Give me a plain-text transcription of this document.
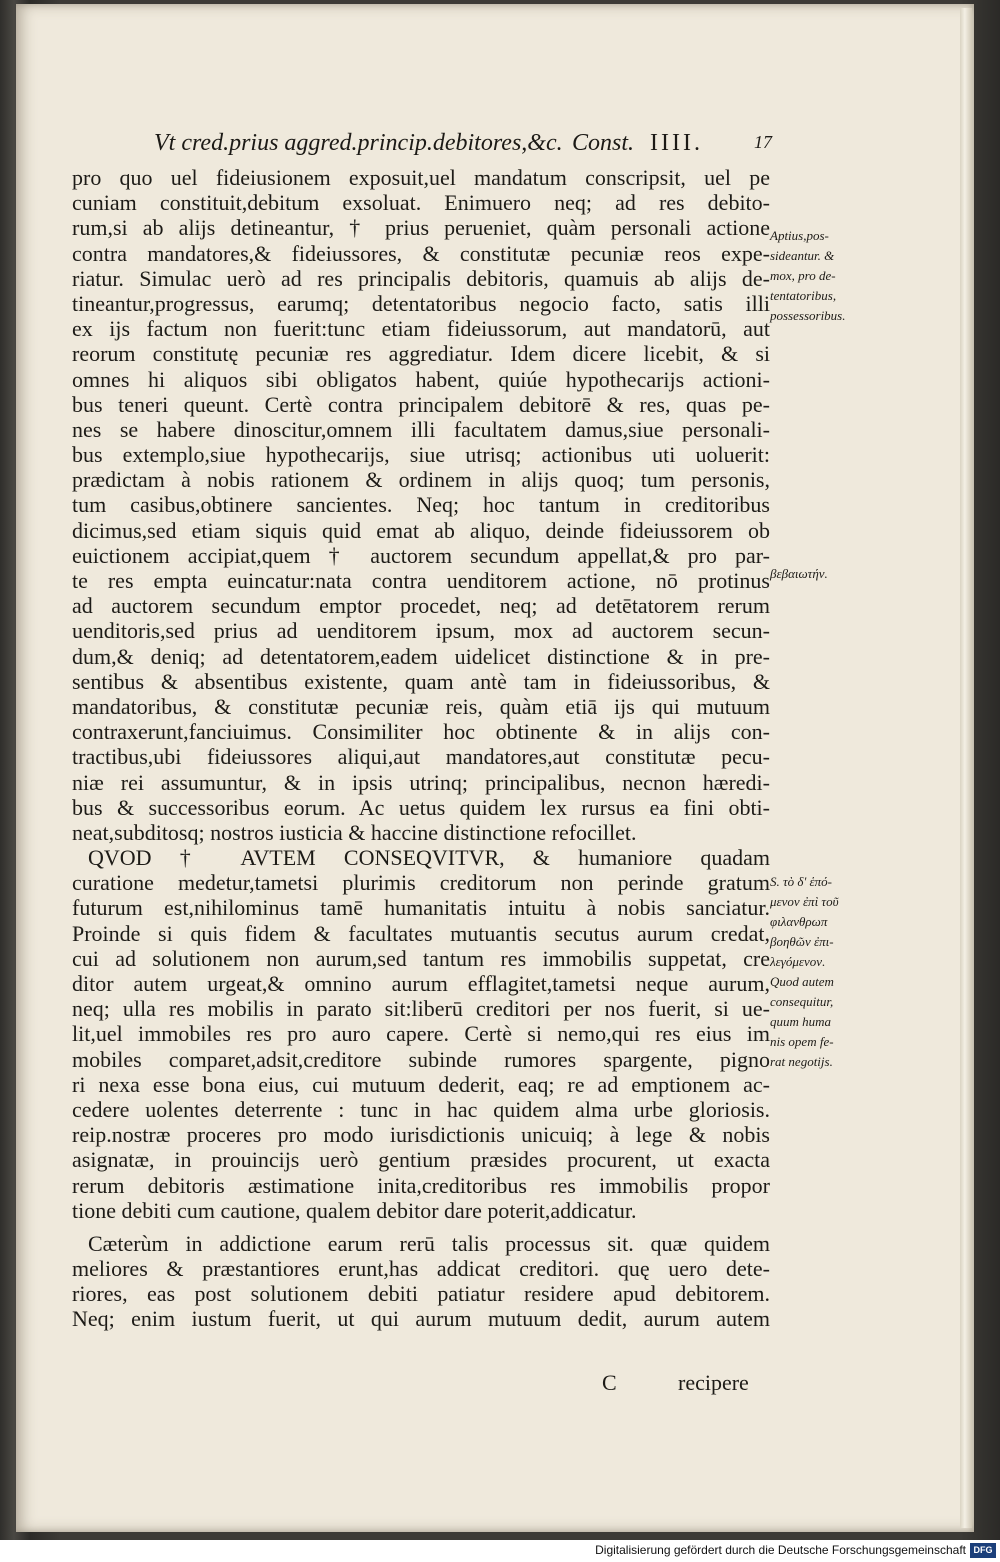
Vt cred.prius aggred.princip.debitores,&c. Const. IIII.	17
pro quo uel fideiusionem exposuit,uel mandatum conscripsit, uel pe
cuniam constituit,debitum exsoluat. Enimuero neq; ad res debito-
rum,si ab alijs detineantur, † prius perueniet, quàm personali actione
contra mandatores,& fideiussores, & constitutæ pecuniæ reos expe-
riatur. Simulac uerò ad res principalis debitoris, quamuis ab alijs de-
tineantur,progressus, earumq; detentatoribus negocio facto, satis illi
ex ijs factum non fuerit:tunc etiam fideiussorum, aut mandatorū, aut
reorum constitutę pecuniæ res aggrediatur. Idem dicere licebit, & si
omnes hi aliquos sibi obligatos habent, quiúe hypothecarijs actioni-
bus teneri queunt. Certè contra principalem debitorē & res, quas pe-
nes se habere dinoscitur,omnem illi facultatem damus,siue personali-
bus extemplo,siue hypothecarijs, siue utrisq; actionibus uti uoluerit:
prædictam à nobis rationem & ordinem in alijs quoq; tum personis,
tum casibus,obtinere sancientes. Neq; hoc tantum in creditoribus
dicimus,sed etiam siquis quid emat ab aliquo, deinde fideiussorem ob
euictionem accipiat,quem † auctorem secundum appellat,& pro par-
te res empta euincatur:nata contra uenditorem actione, nō protinus
ad auctorem secundum emptor procedet, neq; ad detētatorem rerum
uenditoris,sed prius ad uenditorem ipsum, mox ad auctorem secun-
dum,& deniq; ad detentatorem,eadem uidelicet distinctione & in pre-
sentibus & absentibus existente, quam antè tam in fideiussoribus, &
mandatoribus, & constitutæ pecuniæ reis, quàm etiā ijs qui mutuum
contraxerunt,fanciuimus. Consimiliter hoc obtinente & in alijs con-
tractibus,ubi fideiussores aliqui,aut mandatores,aut constitutæ pecu-
niæ rei assumuntur, & in ipsis utrinq; principalibus, necnon hæredi-
bus & successoribus eorum. Ac uetus quidem lex rursus ea fini obti-
neat,subditosq; nostros iusticia & haccine distinctione refocillet.
QVOD † AVTEM CONSEQVITVR, & humaniore quadam
curatione medetur,tametsi plurimis creditorum non perinde gratum
futurum est,nihilominus tamē humanitatis intuitu à nobis sanciatur.
Proinde si quis fidem & facultates mutuantis secutus aurum credat,
cui ad solutionem non aurum,sed tantum res immobilis suppetat, cre
ditor autem urgeat,& omnino aurum efflagitet,tametsi neque aurum,
neq; ulla res mobilis in parato sit:liberū creditori per nos fuerit, si ue-
lit,uel immobiles res pro auro capere. Certè si nemo,qui res eius im
mobiles comparet,adsit,creditore subinde rumores spargente, pigno
ri nexa esse bona eius, cui mutuum dederit, eaq; re ad emptionem ac-
cedere uolentes deterrente : tunc in hac quidem alma urbe gloriosis.
reip.nostræ proceres pro modo iurisdictionis unicuiq; à lege & nobis
asignatæ, in prouincijs uerò gentium præsides procurent, ut exacta
rerum debitoris æstimatione inita,creditoribus res immobilis propor
tione debiti cum cautione, qualem debitor dare poterit,addicatur.
Cæterùm in addictione earum rerū talis processus sit. quæ quidem
meliores & præstantiores erunt,has addicat creditori. quę uero dete-
riores, eas post solutionem debiti patiatur residere apud debitorem.
Neq; enim iustum fuerit, ut qui aurum mutuum dedit, aurum autem
C	recipere
Aptius,pos-
sideantur. &
mox, pro de-
tentatoribus,
possessoribus.
βεβαιωτήν.
S. τὸ δ' ἑπό-
μενον ἐπὶ τοῦ
φιλανθρωπ
βοηθῶν ἐπι-
λεγόμενον.
Quod autem
consequitur,
quum huma
nis opem fe-
rat negotijs.
Digitalisierung gefördert durch die Deutsche Forschungsgemeinschaft DFG
